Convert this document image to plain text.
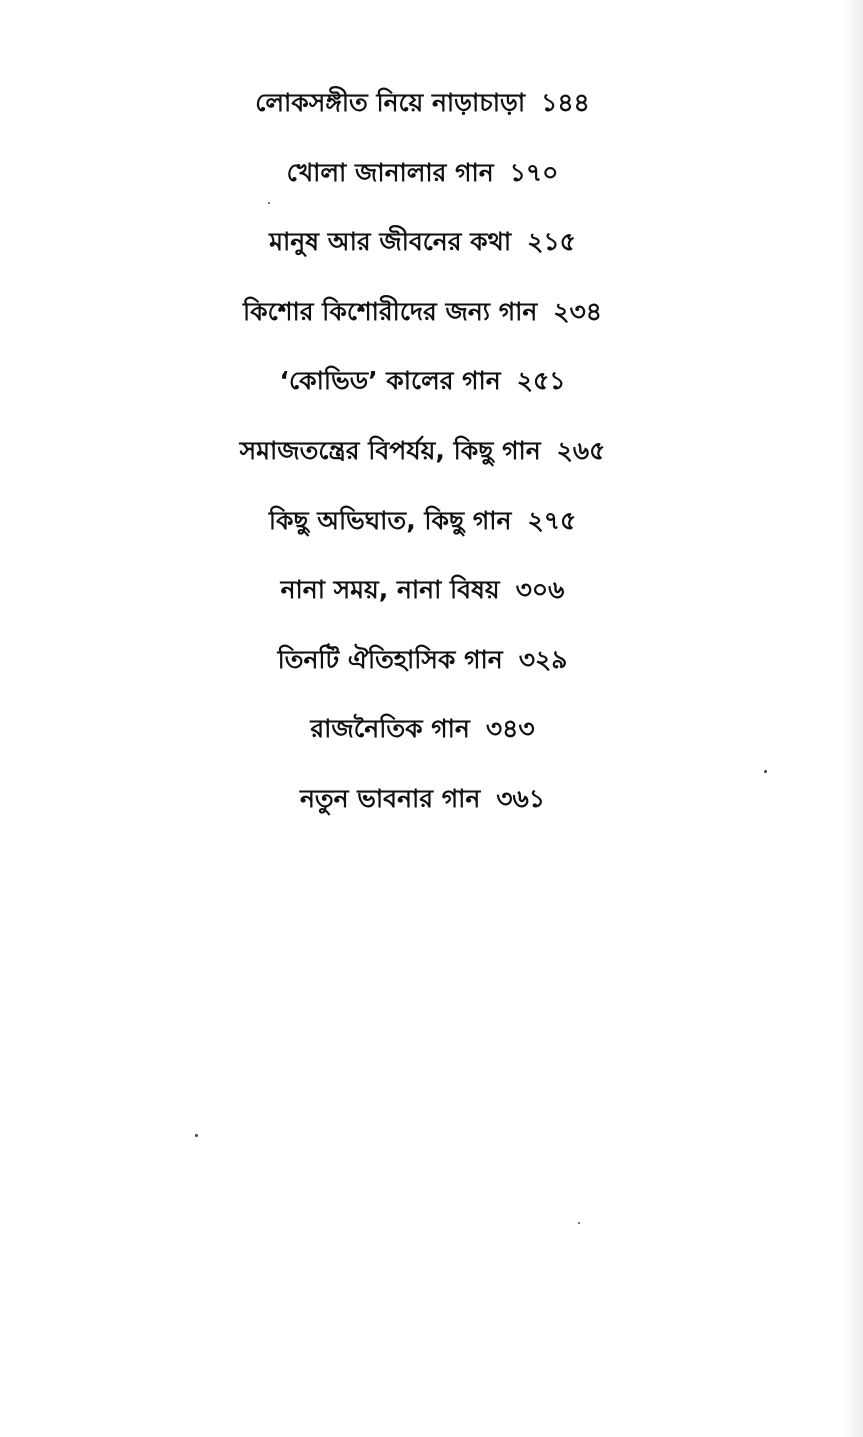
লোকসঙ্গীত নিয়ে নাড়াচাড়া ১৪৪
খোলা জানালার গান ১৭০
মানুষ আর জীবনের কথা ২১৫
কিশোর কিশোরীদের জন্য গান ২৩৪
‘কোভিড’ কালের গান ২৫১
সমাজতন্ত্রের বিপর্যয়, কিছু গান ২৬৫
কিছু অভিঘাত, কিছু গান ২৭৫
নানা সময়, নানা বিষয় ৩০৬
তিনটি ঐতিহাসিক গান ৩২৯
রাজনৈতিক গান ৩৪৩
নতুন ভাবনার গান ৩৬১
